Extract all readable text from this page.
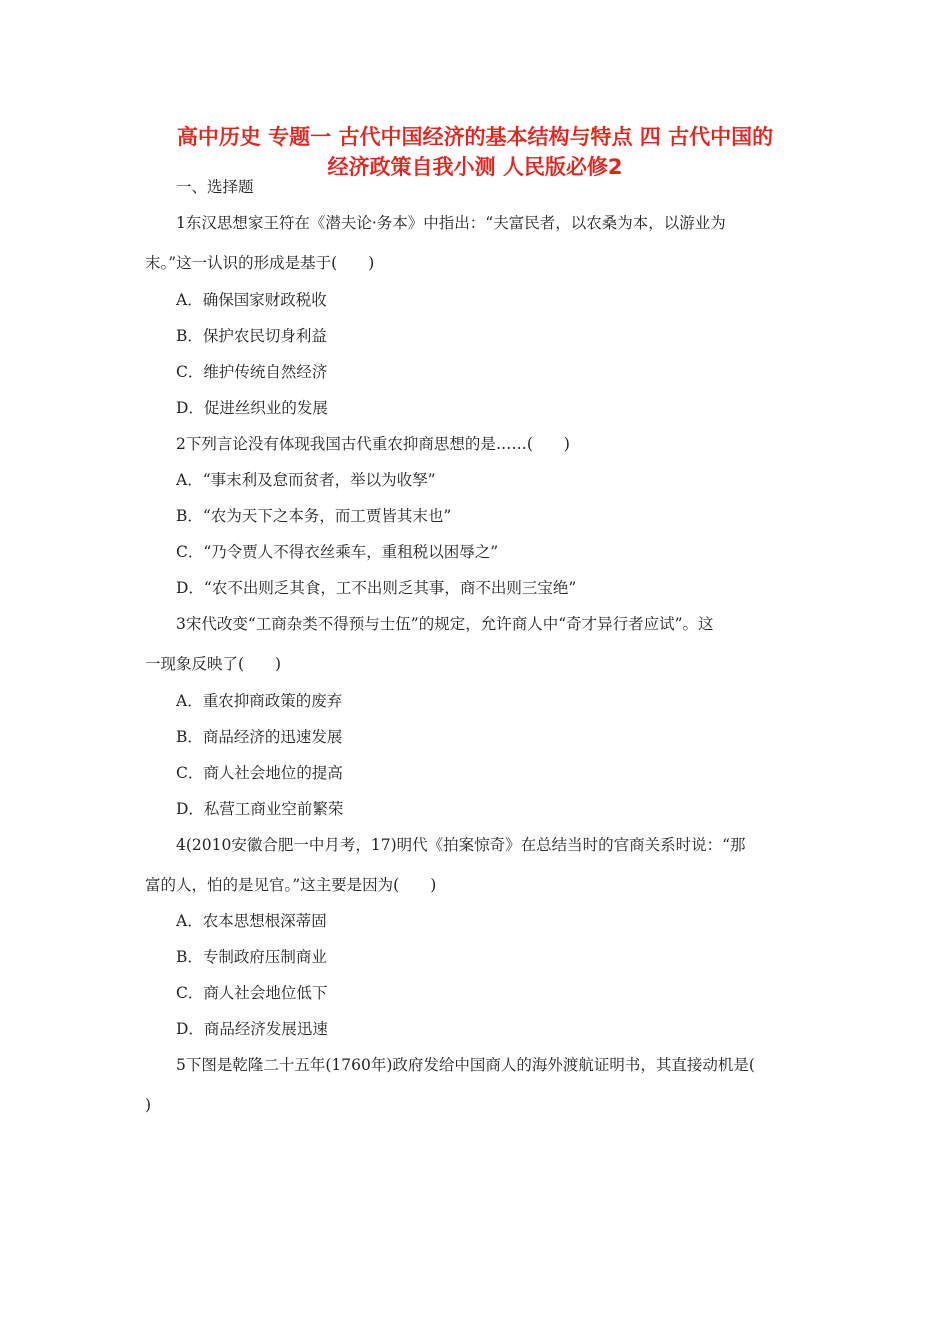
高中历史 专题一 古代中国经济的基本结构与特点 四 古代中国的
经济政策自我小测 人民版必修2
一、选择题
1东汉思想家王符在《潜夫论·务本》中指出：“夫富民者，以农桑为本，以游业为
末。”这一认识的形成是基于(　　)
A．确保国家财政税收
B．保护农民切身利益
C．维护传统自然经济
D．促进丝织业的发展
2下列言论没有体现我国古代重农抑商思想的是……(　　)
A．“事末利及怠而贫者，举以为收孥”
B．“农为天下之本务，而工贾皆其末也”
C．“乃令贾人不得衣丝乘车，重租税以困辱之”
D．“农不出则乏其食，工不出则乏其事，商不出则三宝绝”
3宋代改变“工商杂类不得预与士伍”的规定，允许商人中“奇才异行者应试”。这
一现象反映了(　　)
A．重农抑商政策的废弃
B．商品经济的迅速发展
C．商人社会地位的提高
D．私营工商业空前繁荣
4(2010安徽合肥一中月考，17)明代《拍案惊奇》在总结当时的官商关系时说：“那
富的人，怕的是见官。”这主要是因为(　　)
A．农本思想根深蒂固
B．专制政府压制商业
C．商人社会地位低下
D．商品经济发展迅速
5下图是乾隆二十五年(1760年)政府发给中国商人的海外渡航证明书，其直接动机是(
)
